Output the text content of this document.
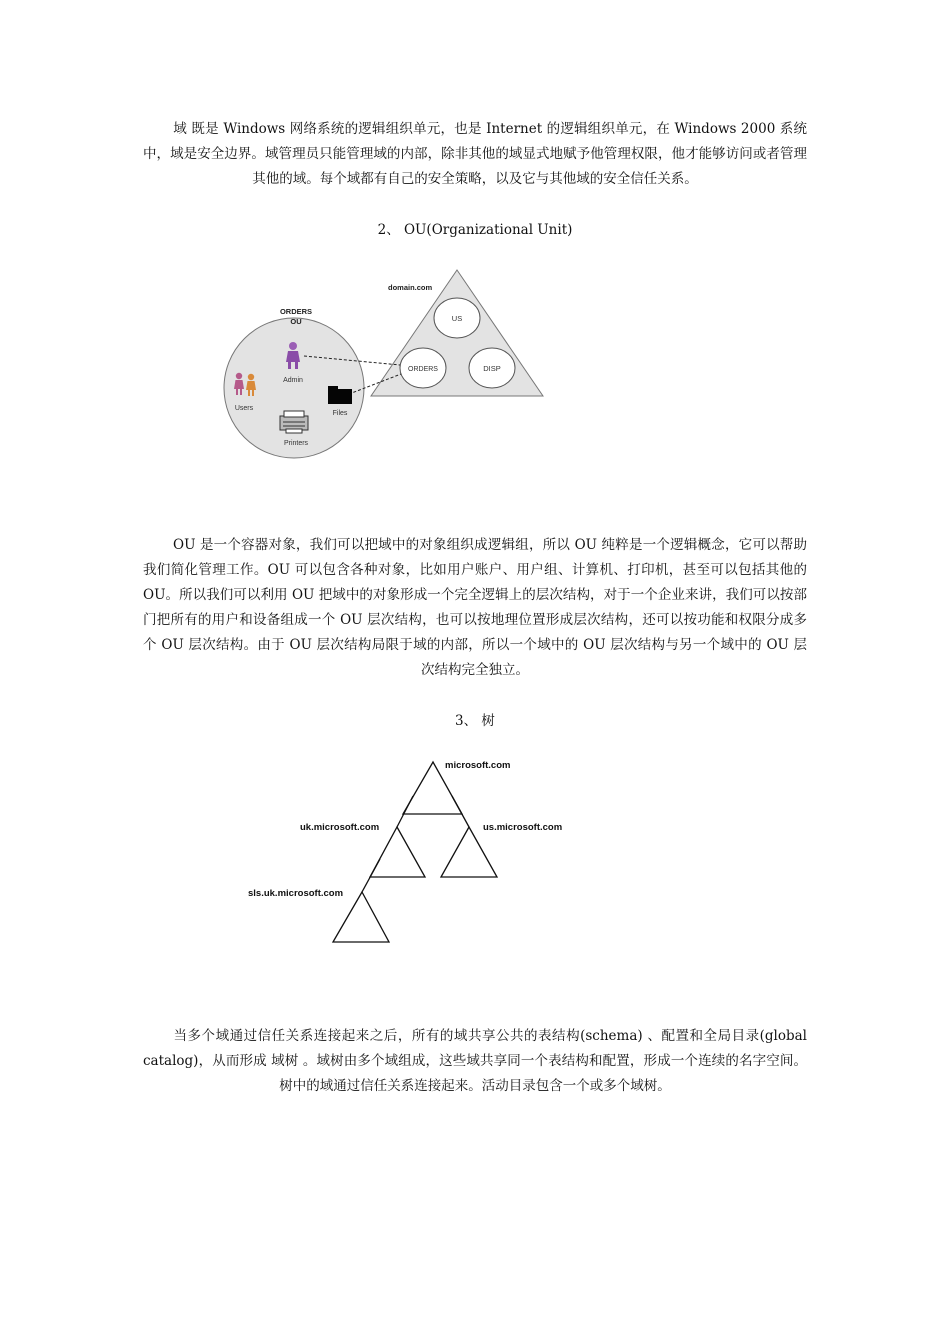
域 既是 Windows 网络系统的逻辑组织单元，也是 Internet 的逻辑组织单元，在 Windows 2000 系统中，域是安全边界。域管理员只能管理域的内部，除非其他的域显式地赋予他管理权限，他才能够访问或者管理其他的域。每个域都有自己的安全策略，以及它与其他域的安全信任关系。

2、 OU(Organizational Unit)

domain.com
US
ORDERS	DISP
ORDERS
OU
Admin
Users
Files
Printers

OU 是一个容器对象，我们可以把域中的对象组织成逻辑组，所以 OU 纯粹是一个逻辑概念，它可以帮助我们简化管理工作。OU 可以包含各种对象，比如用户账户、用户组、计算机、打印机，甚至可以包括其他的 OU。所以我们可以利用 OU 把域中的对象形成一个完全逻辑上的层次结构，对于一个企业来讲，我们可以按部门把所有的用户和设备组成一个 OU 层次结构，也可以按地理位置形成层次结构，还可以按功能和权限分成多个 OU 层次结构。由于 OU 层次结构局限于域的内部，所以一个域中的 OU 层次结构与另一个域中的 OU 层次结构完全独立。

3、 树

microsoft.com
uk.microsoft.com	us.microsoft.com
sls.uk.microsoft.com

当多个域通过信任关系连接起来之后，所有的域共享公共的表结构(schema) 、配置和全局目录(global catalog)，从而形成 域树 。域树由多个域组成，这些域共享同一个表结构和配置，形成一个连续的名字空间。树中的域通过信任关系连接起来。活动目录包含一个或多个域树。
